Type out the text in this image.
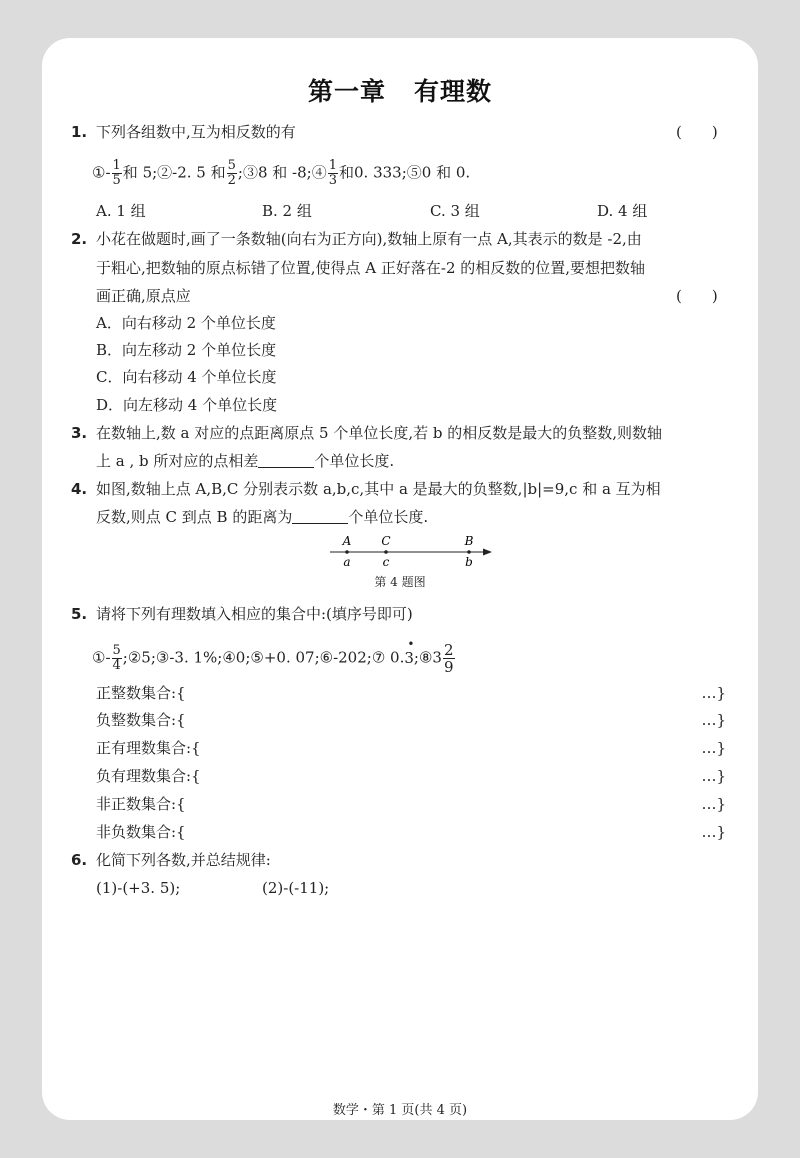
第一章 有理数
1. 下列各组数中,互为相反数的有	(　　)
①- $\frac{1}{5}$ 和 5;②-2. 5 和 $\frac{5}{2}$ ;③8 和 -8;④ $\frac{1}{3}$ 和0. 333;⑤0 和 0.
A. 1 组	B. 2 组	C. 3 组	D. 4 组
2. 小花在做题时,画了一条数轴(向右为正方向),数轴上原有一点 A,其表示的数是 -2,由
于粗心,把数轴的原点标错了位置,使得点 A 正好落在-2 的相反数的位置,要想把数轴
画正确,原点应	(　　)
A．向右移动 2 个单位长度
B．向左移动 2 个单位长度
C．向右移动 4 个单位长度
D．向左移动 4 个单位长度
3. 在数轴上,数 a 对应的点距离原点 5 个单位长度,若 b 的相反数是最大的负整数,则数轴
上 a , b 所对应的点相差	个单位长度.
4. 如图,数轴上点 A,B,C 分别表示数 a,b,c,其中 a 是最大的负整数,|b|=9,c 和 a 互为相
反数,则点 C 到点 B 的距离为	个单位长度.
A	C	B
a	c	b
第 4 题图
5. 请将下列有理数填入相应的集合中:(填序号即可)
①- $\frac{5}{4}$ ;②5;③-3. 1%;④0;⑤+0. 07;⑥-202;⑦ 0.
•
3;⑧3 $\frac{2}{9}$
正整数集合:{	…}
负整数集合:{	…}
正有理数集合:{	…}
负有理数集合:{	…}
非正数集合:{	…}
非负数集合:{	…}
6. 化简下列各数,并总结规律:
(1)-(+3. 5);	(2)-(-11);
数学・第 1 页(共 4 页)
